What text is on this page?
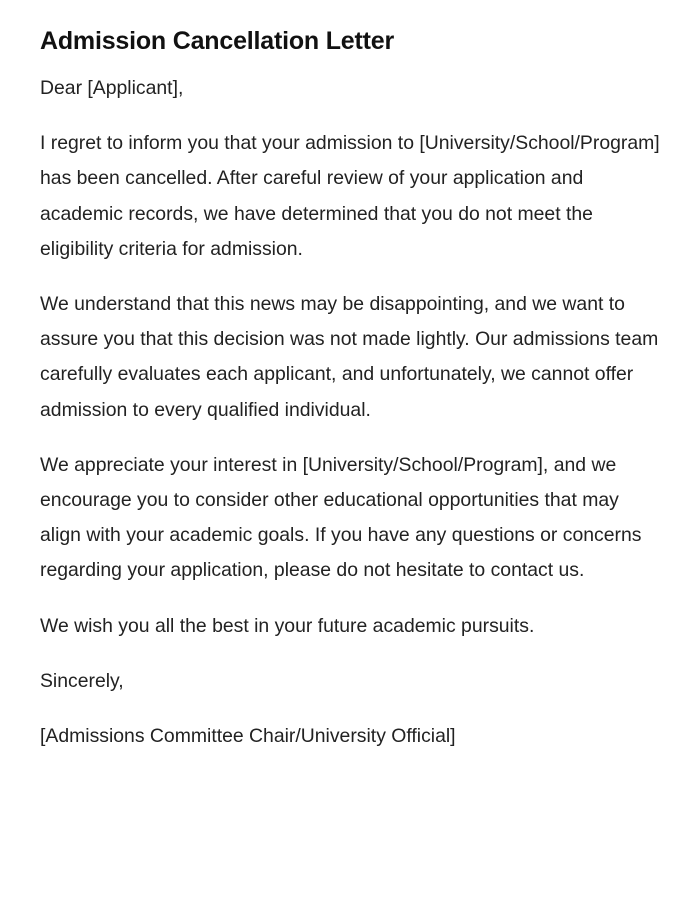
Admission Cancellation Letter

Dear [Applicant],

I regret to inform you that your admission to [University/School/Program] has been cancelled. After careful review of your application and academic records, we have determined that you do not meet the eligibility criteria for admission.

We understand that this news may be disappointing, and we want to assure you that this decision was not made lightly. Our admissions team carefully evaluates each applicant, and unfortunately, we cannot offer admission to every qualified individual.

We appreciate your interest in [University/School/Program], and we encourage you to consider other educational opportunities that may align with your academic goals. If you have any questions or concerns regarding your application, please do not hesitate to contact us.

We wish you all the best in your future academic pursuits.

Sincerely,

[Admissions Committee Chair/University Official]
